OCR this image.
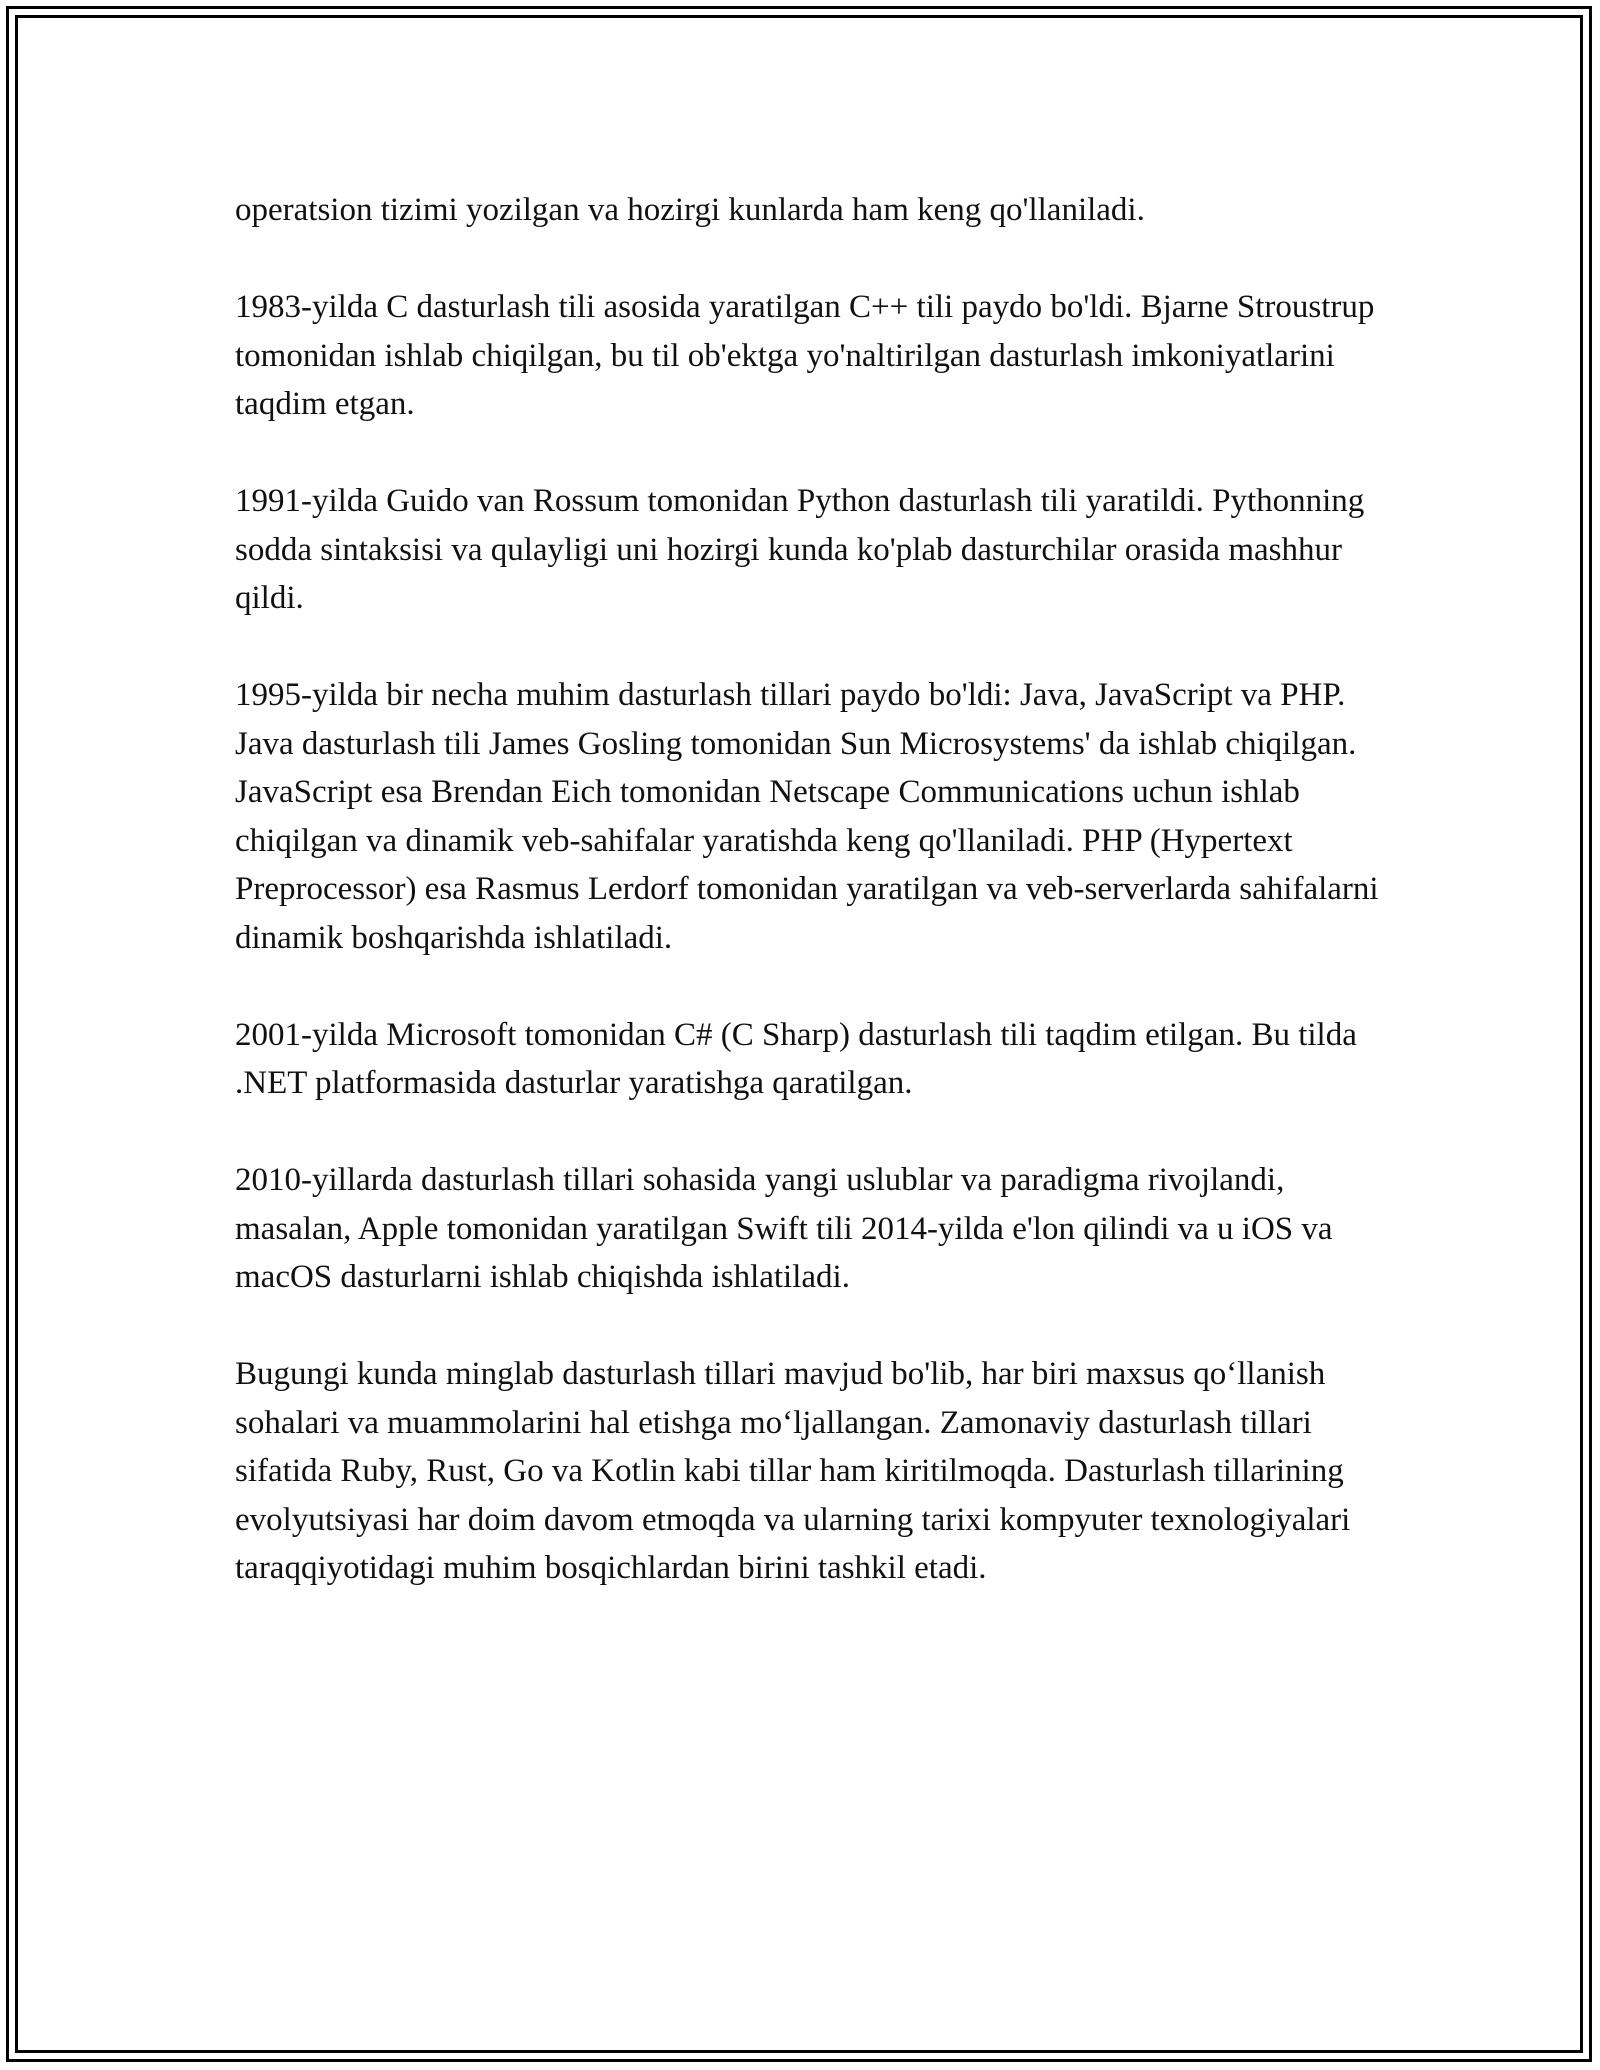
operatsion tizimi yozilgan va hozirgi kunlarda ham keng qo'llaniladi.

1983-yilda C dasturlash tili asosida yaratilgan C++ tili paydo bo'ldi. Bjarne Stroustrup tomonidan ishlab chiqilgan, bu til ob'ektga yo'naltirilgan dasturlash imkoniyatlarini taqdim etgan.

1991-yilda Guido van Rossum tomonidan Python dasturlash tili yaratildi. Pythonning sodda sintaksisi va qulayligi uni hozirgi kunda ko'plab dasturchilar orasida mashhur qildi.

1995-yilda bir necha muhim dasturlash tillari paydo bo'ldi: Java, JavaScript va PHP. Java dasturlash tili James Gosling tomonidan Sun Microsystems' da ishlab chiqilgan. JavaScript esa Brendan Eich tomonidan Netscape Communications uchun ishlab chiqilgan va dinamik veb-sahifalar yaratishda keng qo'llaniladi. PHP (Hypertext Preprocessor) esa Rasmus Lerdorf tomonidan yaratilgan va veb-serverlarda sahifalarni dinamik boshqarishda ishlatiladi.

2001-yilda Microsoft tomonidan C# (C Sharp) dasturlash tili taqdim etilgan. Bu tilda .NET platformasida dasturlar yaratishga qaratilgan.

2010-yillarda dasturlash tillari sohasida yangi uslublar va paradigma rivojlandi, masalan, Apple tomonidan yaratilgan Swift tili 2014-yilda e'lon qilindi va u iOS va macOS dasturlarni ishlab chiqishda ishlatiladi.

Bugungi kunda minglab dasturlash tillari mavjud bo'lib, har biri maxsus qo‘llanish sohalari va muammolarini hal etishga mo‘ljallangan. Zamonaviy dasturlash tillari sifatida Ruby, Rust, Go va Kotlin kabi tillar ham kiritilmoqda. Dasturlash tillarining evolyutsiyasi har doim davom etmoqda va ularning tarixi kompyuter texnologiyalari taraqqiyotidagi muhim bosqichlardan birini tashkil etadi.
